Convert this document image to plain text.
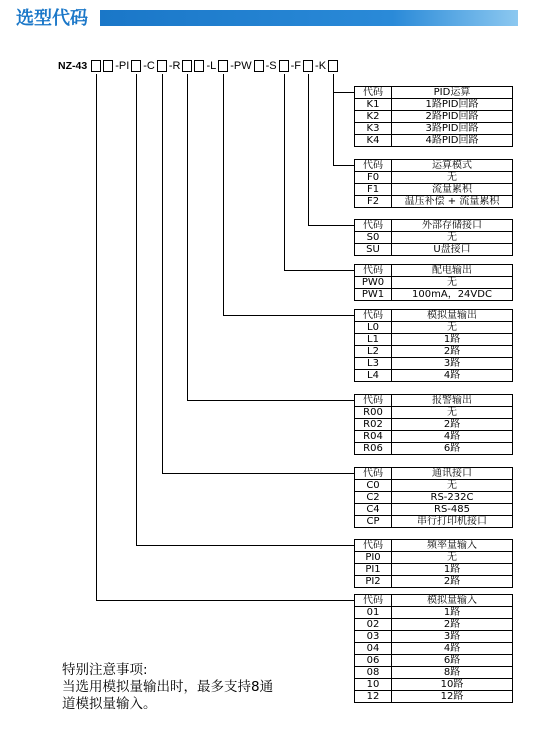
选型代码
NZ-43	-PI -C -R -L -PW -S -F -K
代码	PID运算
K1	1路PID回路
K2	2路PID回路
K3	3路PID回路
K4	4路PID回路
代码	运算模式
F0	无
F1	流量累积
F2	温压补偿 + 流量累积
代码	外部存储接口
S0	无
SU	U盘接口
代码	配电输出
PW0	无
PW1	100mA，24VDC
代码	模拟量输出
L0	无
L1	1路
L2	2路
L3	3路
L4	4路
代码	报警输出
R00	无
R02	2路
R04	4路
R06	6路
代码	通讯接口
C0	无
C2	RS-232C
C4	RS-485
CP	串行打印机接口
代码	频率量输入
PI0	无
PI1	1路
PI2	2路
代码	模拟量输入
01	1路
02	2路
03	3路
04	4路
06	6路
08	8路
10	10路
12	12路
特别注意事项:
当选用模拟量输出时，最多支持8通
道模拟量输入。
